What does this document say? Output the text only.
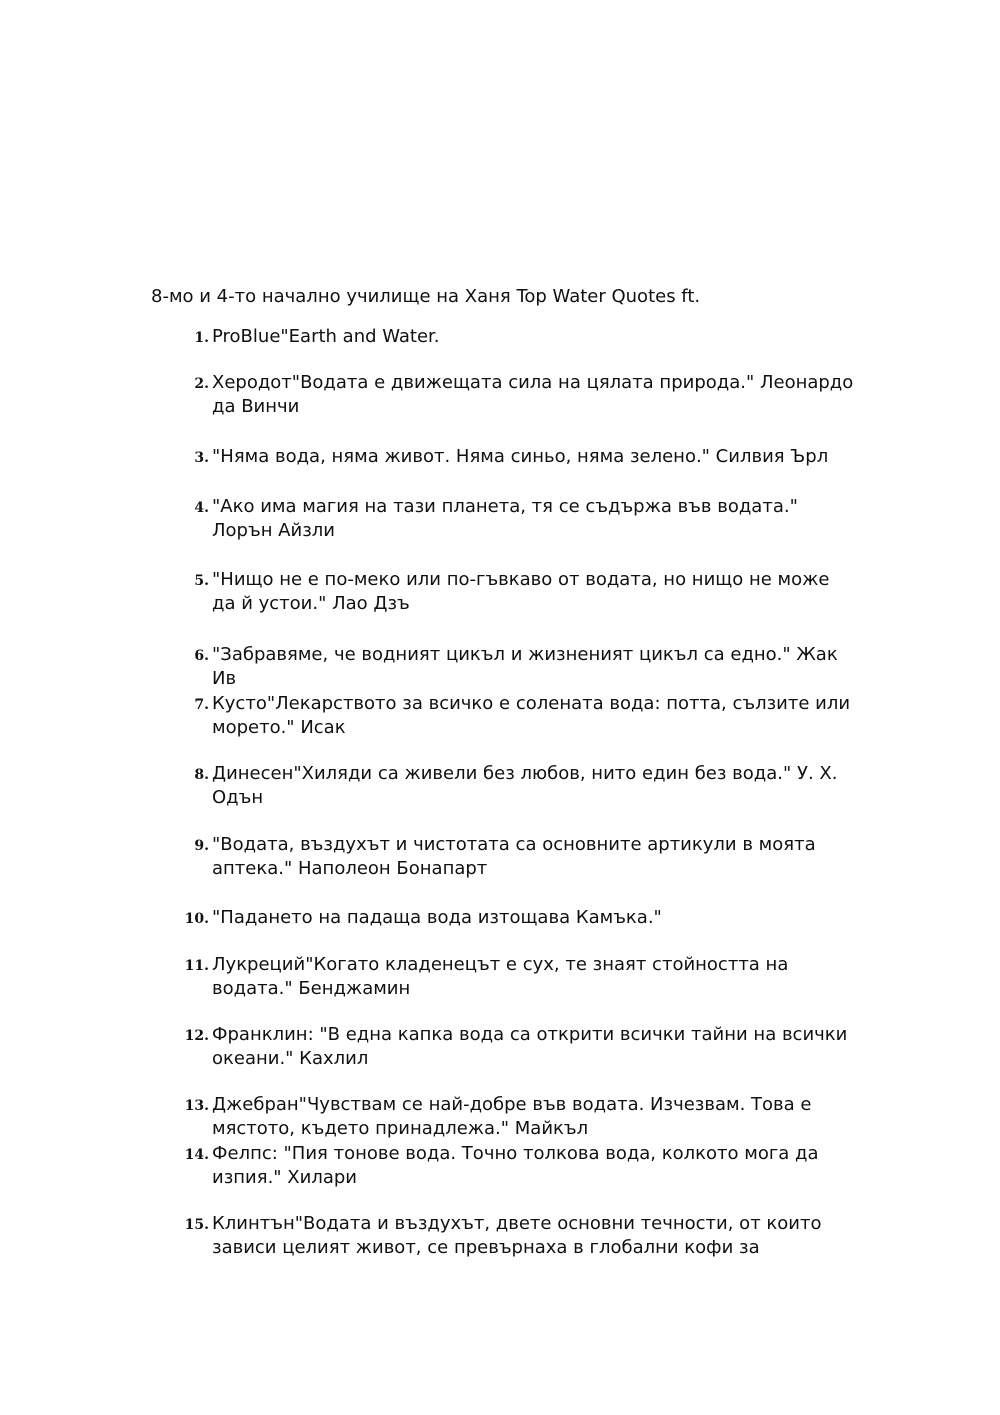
8-мо и 4-то начално училище на Ханя Top Water Quotes ft.
1. ProBlue"Earth and Water.
2. Херодот"Водата е движещата сила на цялата природа." Леонардо да Винчи
3. "Няма вода, няма живот. Няма синьо, няма зелено." Силвия Ърл
4. "Ако има магия на тази планета, тя се съдържа във водата." Лорън Айзли
5. "Нищо не е по-меко или по-гъвкаво от водата, но нищо не може да й устои." Лао Дзъ
6. "Забравяме, че водният цикъл и жизненият цикъл са едно." Жак Ив
7. Кусто"Лекарството за всичко е солената вода: потта, сълзите или морето." Исак
8. Динесен"Хиляди са живели без любов, нито един без вода." У. Х. Одън
9. "Водата, въздухът и чистотата са основните артикули в моята аптека." Наполеон Бонапарт
10. "Падането на падаща вода изтощава Камъка."
11. Лукреций"Когато кладенецът е сух, те знаят стойността на водата." Бенджамин
12. Франклин: "В една капка вода са открити всички тайни на всички океани." Кахлил
13. Джебран"Чувствам се най-добре във водата. Изчезвам. Това е мястото, където принадлежа." Майкъл
14. Фелпс: "Пия тонове вода. Точно толкова вода, колкото мога да изпия." Хилари
15. Клинтън"Водата и въздухът, двете основни течности, от които зависи целият живот, се превърнаха в глобални кофи за
